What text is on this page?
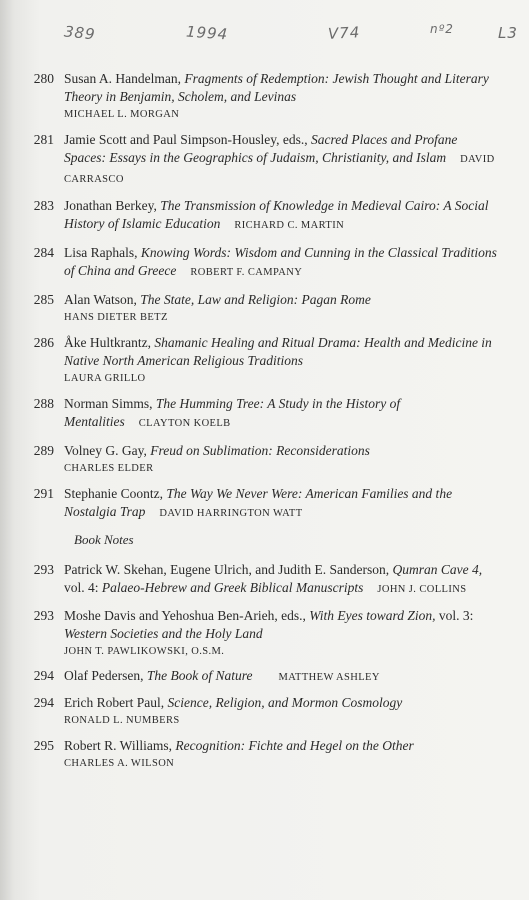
389	1994	V74	nº2	L3
280 Susan A. Handelman, Fragments of Redemption: Jewish Thought and Literary Theory in Benjamin, Scholem, and Levinas
MICHAEL L. MORGAN
281 Jamie Scott and Paul Simpson-Housley, eds., Sacred Places and Profane Spaces: Essays in the Geographics of Judaism, Christianity, and Islam DAVID CARRASCO
283 Jonathan Berkey, The Transmission of Knowledge in Medieval Cairo: A Social History of Islamic Education RICHARD C. MARTIN
284 Lisa Raphals, Knowing Words: Wisdom and Cunning in the Classical Traditions of China and Greece ROBERT F. CAMPANY
285 Alan Watson, The State, Law and Religion: Pagan Rome
HANS DIETER BETZ
286 Åke Hultkrantz, Shamanic Healing and Ritual Drama: Health and Medicine in Native North American Religious Traditions
LAURA GRILLO
288 Norman Simms, The Humming Tree: A Study in the History of Mentalities CLAYTON KOELB
289 Volney G. Gay, Freud on Sublimation: Reconsiderations
CHARLES ELDER
291 Stephanie Coontz, The Way We Never Were: American Families and the Nostalgia Trap DAVID HARRINGTON WATT
Book Notes
293 Patrick W. Skehan, Eugene Ulrich, and Judith E. Sanderson, Qumran Cave 4, vol. 4: Palaeo-Hebrew and Greek Biblical Manuscripts JOHN J. COLLINS
293 Moshe Davis and Yehoshua Ben-Arieh, eds., With Eyes toward Zion, vol. 3: Western Societies and the Holy Land
JOHN T. PAWLIKOWSKI, O.S.M.
294 Olaf Pedersen, The Book of Nature MATTHEW ASHLEY
294 Erich Robert Paul, Science, Religion, and Mormon Cosmology
RONALD L. NUMBERS
295 Robert R. Williams, Recognition: Fichte and Hegel on the Other
CHARLES A. WILSON
